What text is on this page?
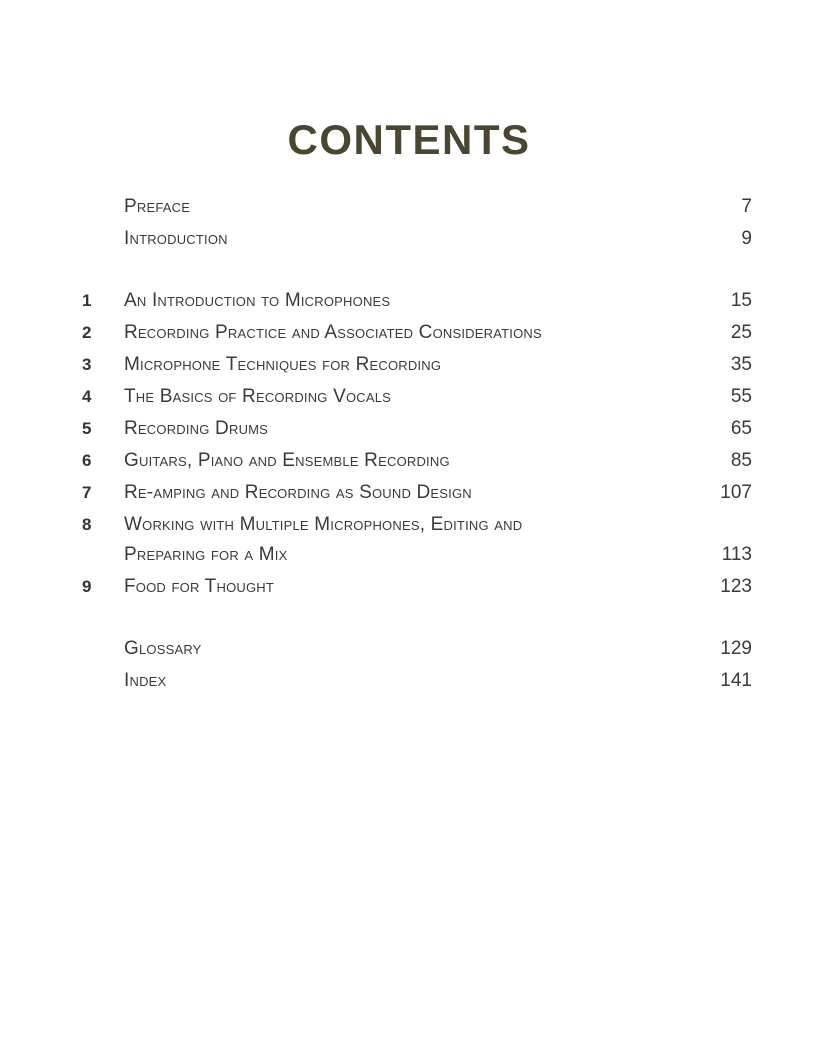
CONTENTS
Preface	7
Introduction	9
1	An Introduction to Microphones	15
2	Recording Practice and Associated Considerations	25
3	Microphone Techniques for Recording	35
4	The Basics of Recording Vocals	55
5	Recording Drums	65
6	Guitars, Piano and Ensemble Recording	85
7	Re-amping and Recording as Sound Design	107
8	Working with Multiple Microphones, Editing and
Preparing for a Mix	113
9	Food for Thought	123
Glossary	129
Index	141
